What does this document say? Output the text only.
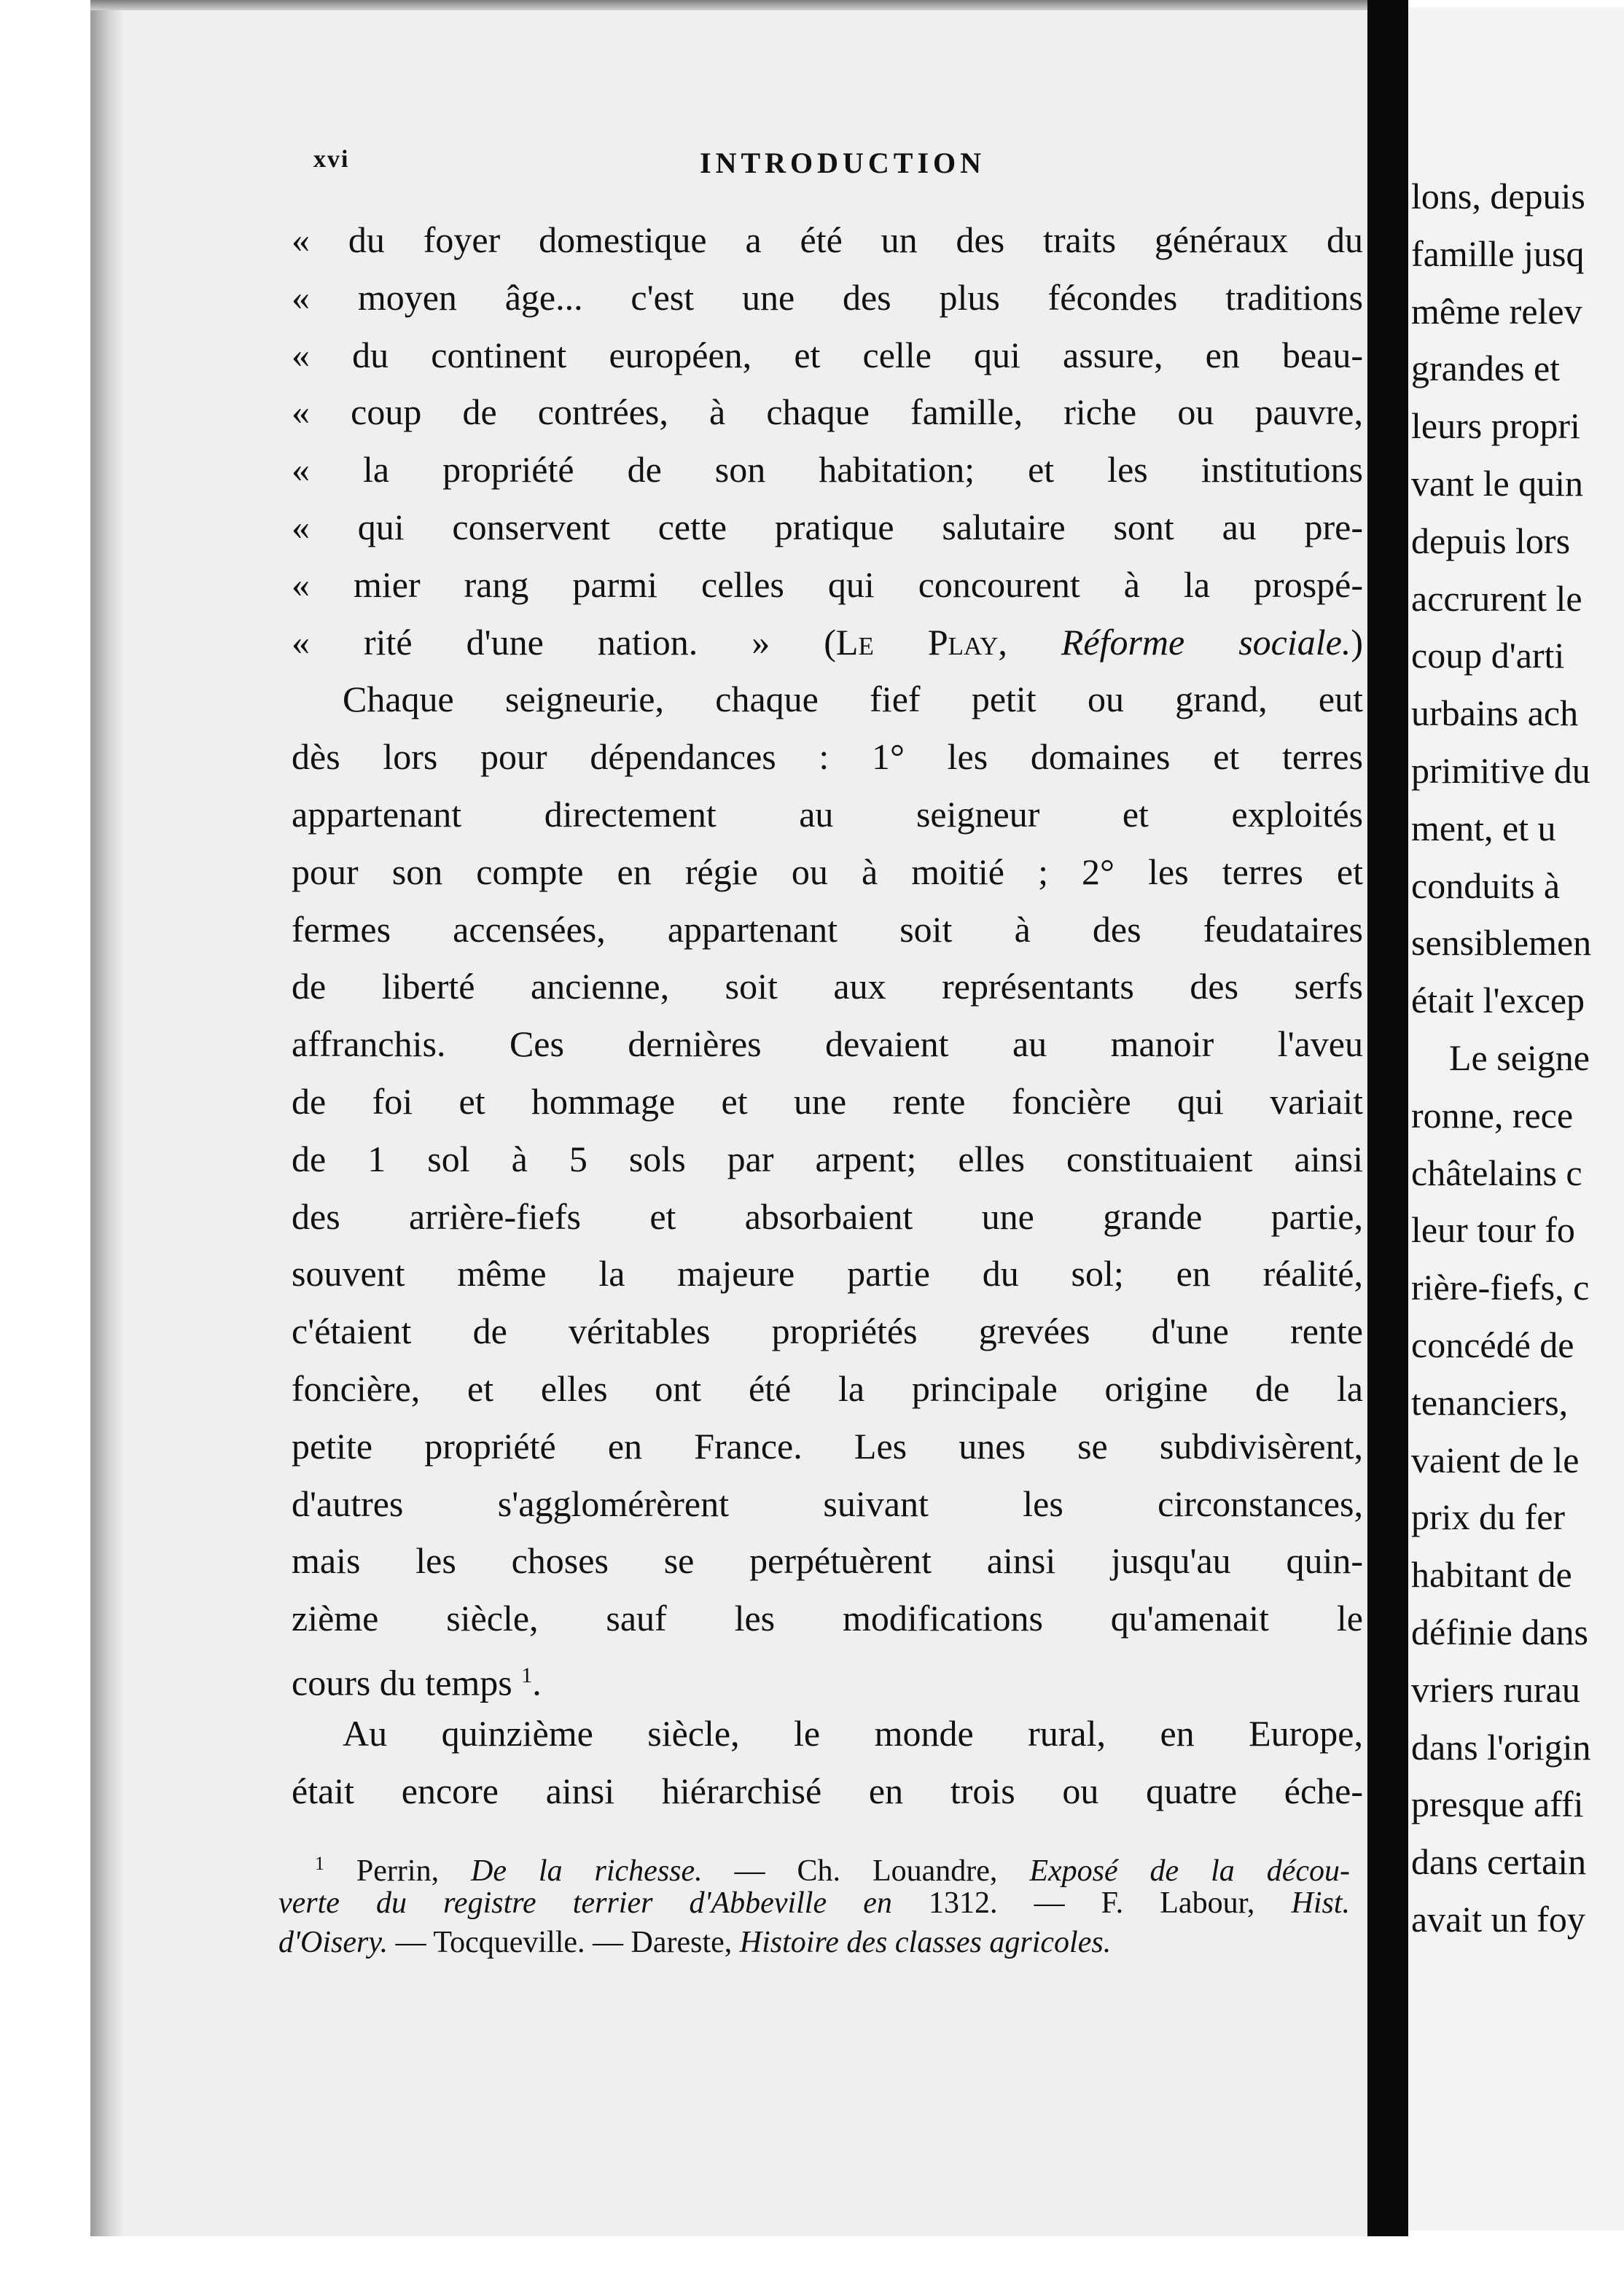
xvi	INTRODUCTION
« du foyer domestique a été un des traits généraux du
« moyen âge... c'est une des plus fécondes traditions
« du continent européen, et celle qui assure, en beau-
« coup de contrées, à chaque famille, riche ou pauvre,
« la propriété de son habitation; et les institutions
« qui conservent cette pratique salutaire sont au pre-
« mier rang parmi celles qui concourent à la prospé-
« rité d'une nation. » (Le Play, Réforme sociale.)
Chaque seigneurie, chaque fief petit ou grand, eut
dès lors pour dépendances : 1° les domaines et terres
appartenant directement au seigneur et exploités
pour son compte en régie ou à moitié ; 2° les terres et
fermes accensées, appartenant soit à des feudataires
de liberté ancienne, soit aux représentants des serfs
affranchis. Ces dernières devaient au manoir l'aveu
de foi et hommage et une rente foncière qui variait
de 1 sol à 5 sols par arpent; elles constituaient ainsi
des arrière-fiefs et absorbaient une grande partie,
souvent même la majeure partie du sol; en réalité,
c'étaient de véritables propriétés grevées d'une rente
foncière, et elles ont été la principale origine de la
petite propriété en France. Les unes se subdivisèrent,
d'autres s'agglomérèrent suivant les circonstances,
mais les choses se perpétuèrent ainsi jusqu'au quin-
zième siècle, sauf les modifications qu'amenait le
cours du temps $^1$.
Au quinzième siècle, le monde rural, en Europe,
était encore ainsi hiérarchisé en trois ou quatre éche-
$^1$ Perrin, De la richesse. — Ch. Louandre, Exposé de la décou-
verte du registre terrier d'Abbeville en 1312. — F. Labour, Hist.
d'Oisery. — Tocqueville. — Dareste, Histoire des classes agricoles.
lons, depuis
famille jusq
même relev
grandes et
leurs propri
vant le quin
depuis lors
accrurent le
coup d'arti
urbains ach
primitive du
ment, et u
conduits à
sensiblemen
était l'excep
Le seigne
ronne, rece
châtelains c
leur tour fo
rière-fiefs, c
concédé de
tenanciers,
vaient de le
prix du fer
habitant de
définie dans
vriers rurau
dans l'origin
presque affi
dans certain
avait un foy
